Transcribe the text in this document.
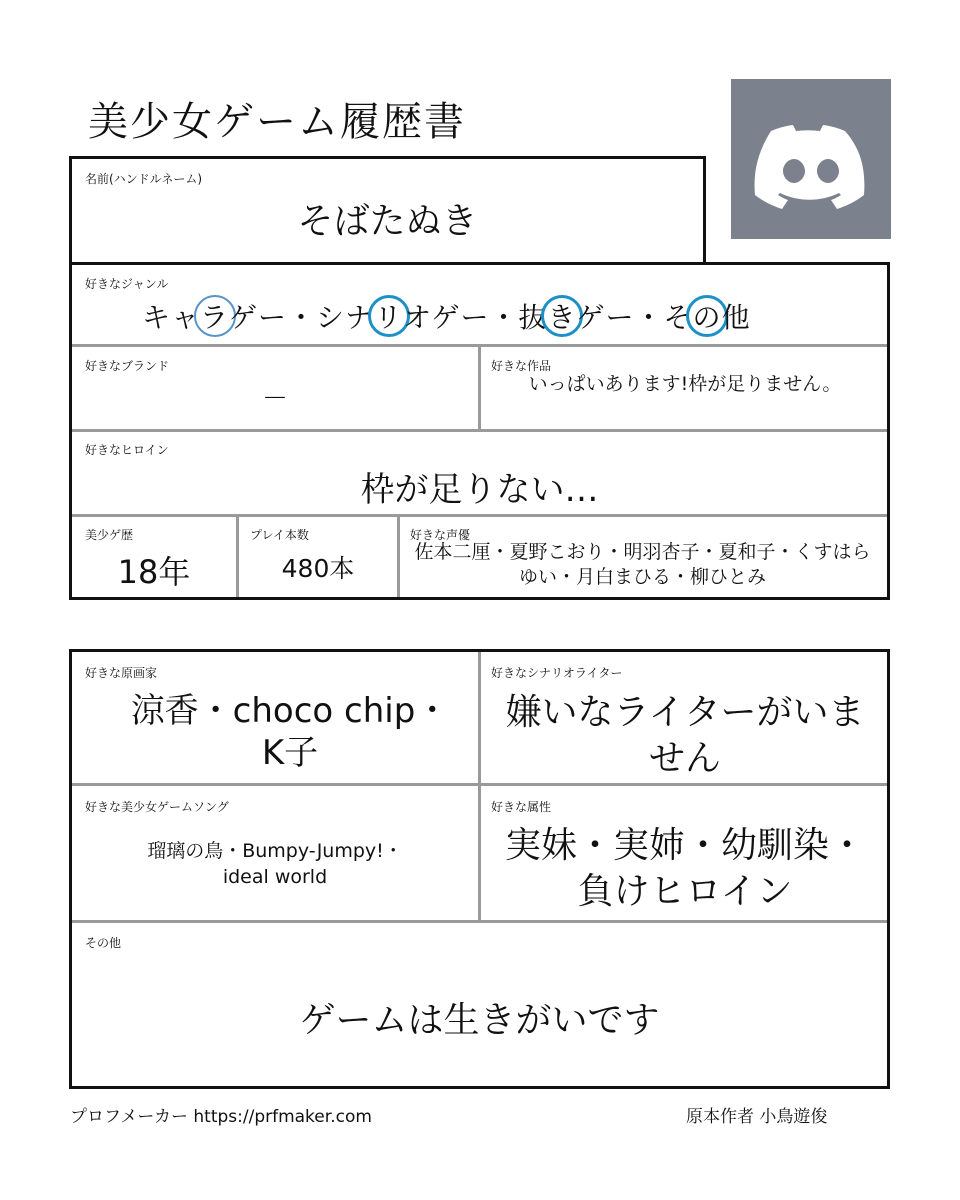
美少女ゲーム履歴書
名前(ハンドルネーム)
そばたぬき
好きなジャンル
キャラ
ゲー・シナリ
オゲー・抜き
ゲー・その
他
好きなブランド
－
好きな作品
いっぱいあります!枠が足りません。
好きなヒロイン
枠が足りない…
美少ゲ歴
18年
プレイ本数
480本
好きな声優
佐本二厘・夏野こおり・明羽杏子・夏和子・くすはらゆい・月白まひる・柳ひとみ
好きな原画家
涼香・choco chip・K子
好きなシナリオライター
嫌いなライターがいません
好きな美少女ゲームソング
瑠璃の鳥・Bumpy-Jumpy!・ideal world
好きな属性
実妹・実姉・幼馴染・負けヒロイン
その他
ゲームは生きがいです
プロフメーカー https://prfmaker.com	原本作者 小鳥遊俊
